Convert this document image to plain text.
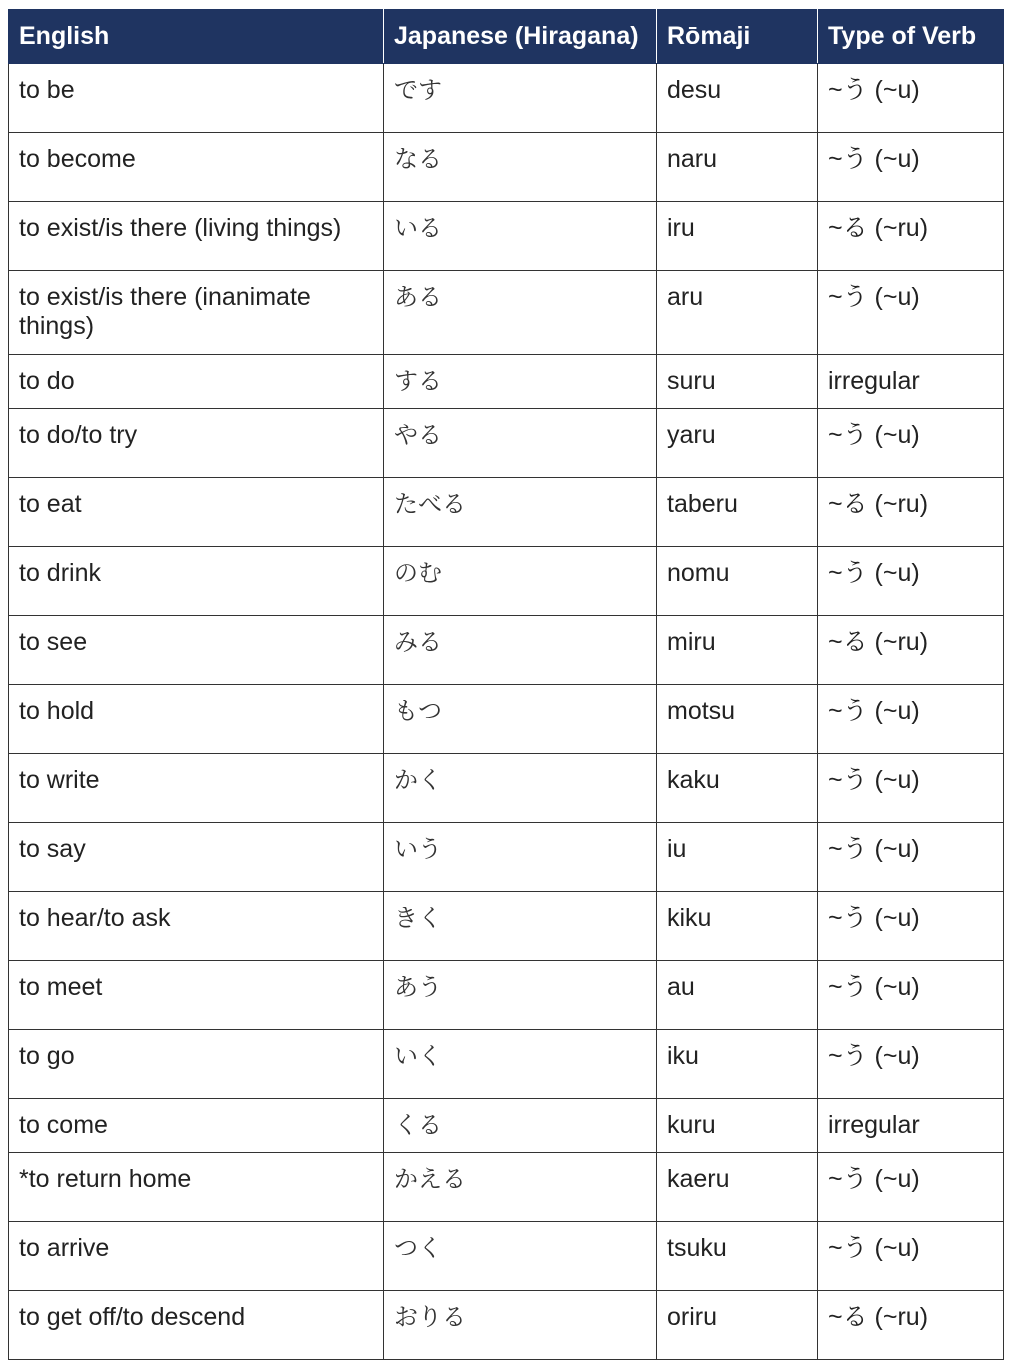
English	Japanese (Hiragana)	Rōmaji	Type of Verb
to be	です	desu	~う (~u)
to become	なる	naru	~う (~u)
to exist/is there (living things)	いる	iru	~る (~ru)
to exist/is there (inanimate things)	ある	aru	~う (~u)
to do	する	suru	irregular
to do/to try	やる	yaru	~う (~u)
to eat	たべる	taberu	~る (~ru)
to drink	のむ	nomu	~う (~u)
to see	みる	miru	~る (~ru)
to hold	もつ	motsu	~う (~u)
to write	かく	kaku	~う (~u)
to say	いう	iu	~う (~u)
to hear/to ask	きく	kiku	~う (~u)
to meet	あう	au	~う (~u)
to go	いく	iku	~う (~u)
to come	くる	kuru	irregular
*to return home	かえる	kaeru	~う (~u)
to arrive	つく	tsuku	~う (~u)
to get off/to descend	おりる	oriru	~る (~ru)
